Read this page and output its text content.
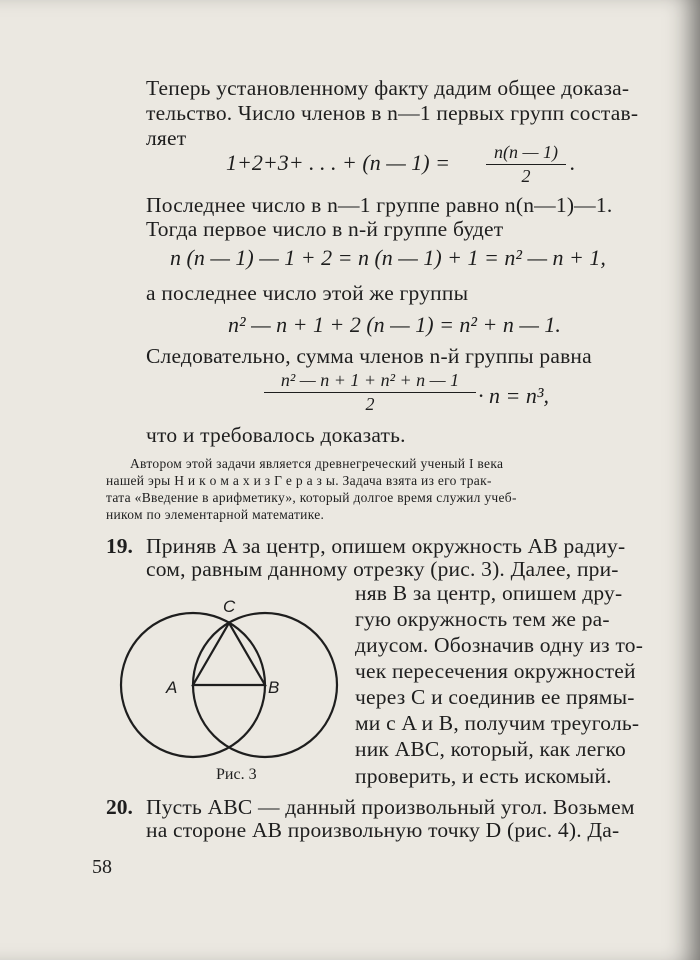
Теперь установленному факту дадим общее доказа-
тельство. Число членов в n—1 первых групп состав-
ляет
1+2+3+ . . . + (n — 1) =	n(n — 1)
2
.
Последнее число в n—1 группе равно n(n—1)—1.
Тогда первое число в n-й группе будет
n (n — 1) — 1 + 2 = n (n — 1) + 1 = n² — n + 1,
а последнее число этой же группы
n² — n + 1 + 2 (n — 1) = n² + n — 1.
Следовательно, сумма членов n-й группы равна
n² — n + 1 + n² + n — 1
2	· n = n³,
что и требовалось доказать.
Автором этой задачи является древнегреческий ученый I века
нашей эры Н и к о м а х и з Г е р а з ы. Задача взята из его трак-
тата «Введение в арифметику», который долгое время служил учеб-
ником по элементарной математике.
19. Приняв A за центр, опишем окружность AB радиу-
сом, равным данному отрезку (рис. 3). Далее, при-
няв B за центр, опишем дру-
гую окружность тем же ра-
диусом. Обозначив одну из то-
чек пересечения окружностей
через C и соединив ее прямы-
ми с A и B, получим треуголь-
ник ABC, который, как легко
проверить, и есть искомый.
C
A	B
Рис. 3
20. Пусть ABC — данный произвольный угол. Возьмем
на стороне AB произвольную точку D (рис. 4). Да-
58
